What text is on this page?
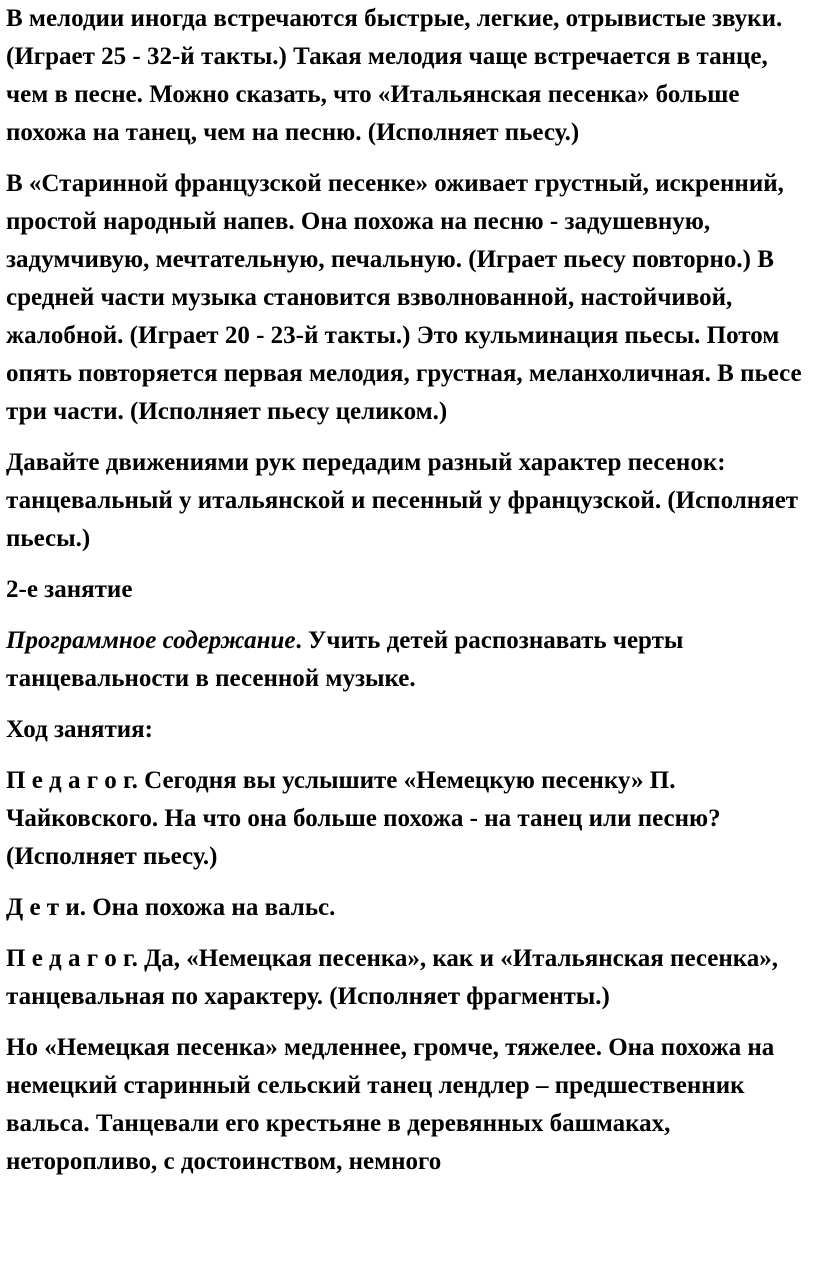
В мелодии иногда встречаются быстрые, легкие, отрывистые звуки. (Играет 25 - 32-й такты.) Такая мелодия чаще встречается в танце, чем в песне. Можно сказать, что «Итальянская песенка» больше похожа на танец, чем на песню. (Исполняет пьесу.)

В «Старинной французской песенке» оживает грустный, искренний, простой народный напев. Она похожа на песню - задушевную, задумчивую, мечтательную, печальную. (Играет пьесу повторно.) В средней части музыка становится взволнованной, настойчивой, жалобной. (Играет 20 - 23-й такты.) Это кульминация пьесы. Потом опять повторяется первая мелодия, грустная, меланхоличная. В пьесе три части. (Исполняет пьесу целиком.)

Давайте движениями рук передадим разный характер песенок: танцевальный у итальянской и песенный у французской. (Исполняет пьесы.)

2-е занятие

Программное содержание. Учить детей распознавать черты танцевальности в песенной музыке.

Ход занятия:

П е д а г о г. Сегодня вы услышите «Немецкую песенку» П. Чайковского. На что она больше похожа - на танец или песню? (Исполняет пьесу.)

Д е т и. Она похожа на вальс.

П е д а г о г. Да, «Немецкая песенка», как и «Итальянская песенка», танцевальная по характеру. (Исполняет фрагменты.)

Но «Немецкая песенка» медленнее, громче, тяжелее. Она похожа на немецкий старинный сельский танец лендлер – предшественник вальса. Танцевали его крестьяне в деревянных башмаках, неторопливо, с достоинством, немного
